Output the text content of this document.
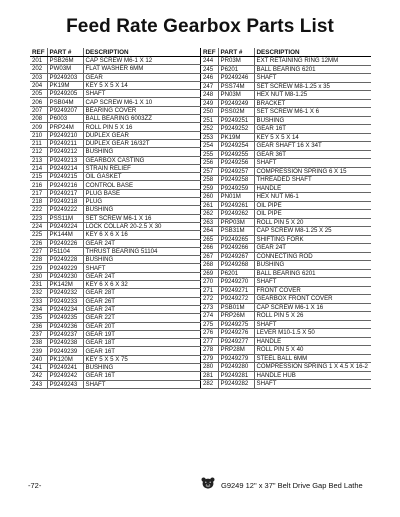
Feed Rate Gearbox Parts List
REF	PART #	DESCRIPTION
201	PSB26M	CAP SCREW M6-1 X 12
202	PW03M	FLAT WASHER 6MM
203	P9249203	GEAR
204	PK19M	KEY 5 X 5 X 14
205	P9249205	SHAFT
206	PSB04M	CAP SCREW M6-1 X 10
207	P9249207	BEARING COVER
208	P6003	BALL BEARING 6003ZZ
209	PRP24M	ROLL PIN 5 X 16
210	P9249210	DUPLEX GEAR
211	P9249211	DUPLEX GEAR 16/32T
212	P9249212	BUSHING
213	P9249213	GEARBOX CASTING
214	P9249214	STRAIN RELIEF
215	P9249215	OIL GASKET
216	P9249216	CONTROL BASE
217	P9249217	PLUG BASE
218	P9249218	PLUG
222	P9249222	BUSHING
223	PSS11M	SET SCREW M6-1 X 16
224	P9249224	LOCK COLLAR 20-2.5 X 30
225	PK144M	KEY 6 X 6 X 16
226	P9249226	GEAR 24T
227	P51104	THRUST BEARING 51104
228	P9249228	BUSHING
229	P9249229	SHAFT
230	P9249230	GEAR 24T
231	PK142M	KEY 6 X 6 X 32
232	P9249232	GEAR 28T
233	P9249233	GEAR 26T
234	P9249234	GEAR 24T
235	P9249235	GEAR 22T
236	P9249236	GEAR 20T
237	P9249237	GEAR 19T
238	P9249238	GEAR 18T
239	P9249239	GEAR 16T
240	PK120M	KEY 5 X 5 X 75
241	P9249241	BUSHING
242	P9249242	GEAR 16T
243	P9249243	SHAFT
REF	PART #	DESCRIPTION
244	PR03M	EXT RETAINING RING 12MM
245	P6201	BALL BEARING 6201
246	P9249246	SHAFT
247	PSS74M	SET SCREW M8-1.25 x 35
248	PN03M	HEX NUT M8-1.25
249	P9249249	BRACKET
250	PSS02M	SET SCREW M6-1 X 6
251	P9249251	BUSHING
252	P9249252	GEAR 16T
253	PK19M	KEY 5 X 5 X 14
254	P9249254	GEAR SHAFT 16 X 34T
255	P9249255	GEAR 36T
256	P9249256	SHAFT
257	P9249257	COMPRESSION SPRING 6 X 15
258	P9249258	THREADED SHAFT
259	P9249259	HANDLE
260	PN01M	HEX NUT M6-1
261	P9249261	OIL PIPE
262	P9249262	OIL PIPE
263	PRP03M	ROLL PIN 5 X 20
264	PSB31M	CAP SCREW M8-1.25 X 25
265	P9249265	SHIFTING FORK
266	P9249266	GEAR 24T
267	P9249267	CONNECTING ROD
268	P9249268	BUSHING
269	P6201	BALL BEARING 6201
270	P9249270	SHAFT
271	P9249271	FRONT COVER
272	P9249272	GEARBOX FRONT COVER
273	PSB01M	CAP SCREW M6-1 X 16
274	PRP26M	ROLL PIN 5 X 26
275	P9249275	SHAFT
276	P9249276	LEVER M10-1.5 X 50
277	P9249277	HANDLE
278	PRP28M	ROLL PIN 5 X 40
279	P9249279	STEEL BALL 6MM
280	P9249280	COMPRESSION SPRING 1 X 4.5 X 16-2
281	P9249281	HANDLE HUB
282	P9249282	SHAFT
-72-	G9249 12" x 37" Belt Drive Gap Bed Lathe
